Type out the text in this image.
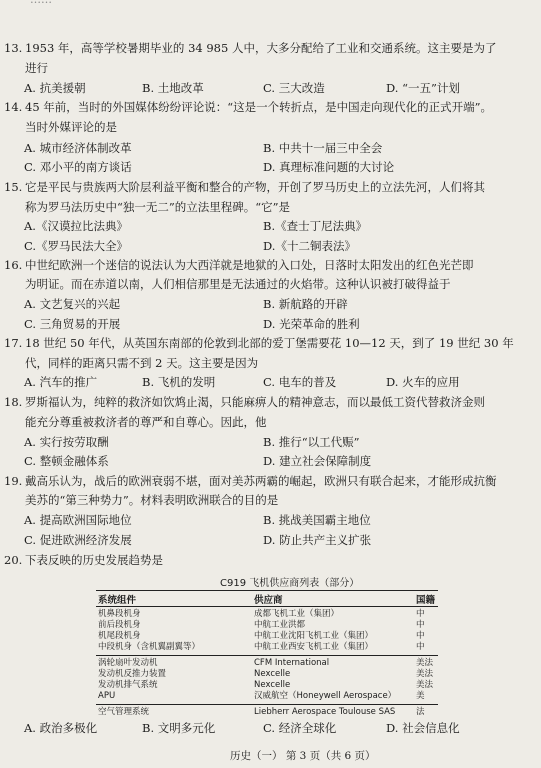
13. 1953 年，高等学校暑期毕业的 34 985 人中，大多分配给了工业和交通系统。这主要是为了
进行
A. 抗美援朝	B. 土地改革	C. 三大改造	D. “一五”计划
14. 45 年前，当时的外国媒体纷纷评论说：“这是一个转折点，是中国走向现代化的正式开端”。
当时外媒评论的是
A. 城市经济体制改革	B. 中共十一届三中全会
C. 邓小平的南方谈话	D. 真理标准问题的大讨论
15. 它是平民与贵族两大阶层利益平衡和整合的产物，开创了罗马历史上的立法先河，人们将其
称为罗马法历史中“独一无二”的立法里程碑。“它”是
A.《汉谟拉比法典》	B.《查士丁尼法典》
C.《罗马民法大全》	D.《十二铜表法》
16. 中世纪欧洲一个迷信的说法认为大西洋就是地狱的入口处，日落时太阳发出的红色光芒即
为明证。而在赤道以南，人们相信那里是无法通过的火焰带。这种认识被打破得益于
A. 文艺复兴的兴起	B. 新航路的开辟
C. 三角贸易的开展	D. 光荣革命的胜利
17. 18 世纪 50 年代，从英国东南部的伦敦到北部的爱丁堡需要花 10—12 天，到了 19 世纪 30 年
代，同样的距离只需不到 2 天。这主要是因为
A. 汽车的推广	B. 飞机的发明	C. 电车的普及	D. 火车的应用
18. 罗斯福认为，纯粹的救济如饮鸩止渴，只能麻痹人的精神意志，而以最低工资代替救济金则
能充分尊重被救济者的尊严和自尊心。因此，他
A. 实行按劳取酬	B. 推行“以工代赈”
C. 整顿金融体系	D. 建立社会保障制度
19. 戴高乐认为，战后的欧洲衰弱不堪，面对美苏两霸的崛起，欧洲只有联合起来，才能形成抗衡
美苏的“第三种势力”。材料表明欧洲联合的目的是
A. 提高欧洲国际地位	B. 挑战美国霸主地位
C. 促进欧洲经济发展	D. 防止共产主义扩张
20. 下表反映的历史发展趋势是
C919 飞机供应商列表（部分）
系统组件	供应商	国籍
机鼻段机身	成都飞机工业（集团）	中
前后段机身	中航工业洪都	中
机尾段机身	中航工业沈阳飞机工业（集团）	中
中段机身（含机翼副翼等）	中航工业西安飞机工业（集团）	中
涡轮扇叶发动机	CFM International	美法
发动机反推力装置	Nexcelle	美法
发动机排气系统	Nexcelle	美法
APU	汉威航空（Honeywell Aerospace） 美
空气管理系统	Liebherr Aerospace Toulouse SAS 法
A. 政治多极化	B. 文明多元化	C. 经济全球化	D. 社会信息化
历史（一） 第 3 页（共 6 页）
